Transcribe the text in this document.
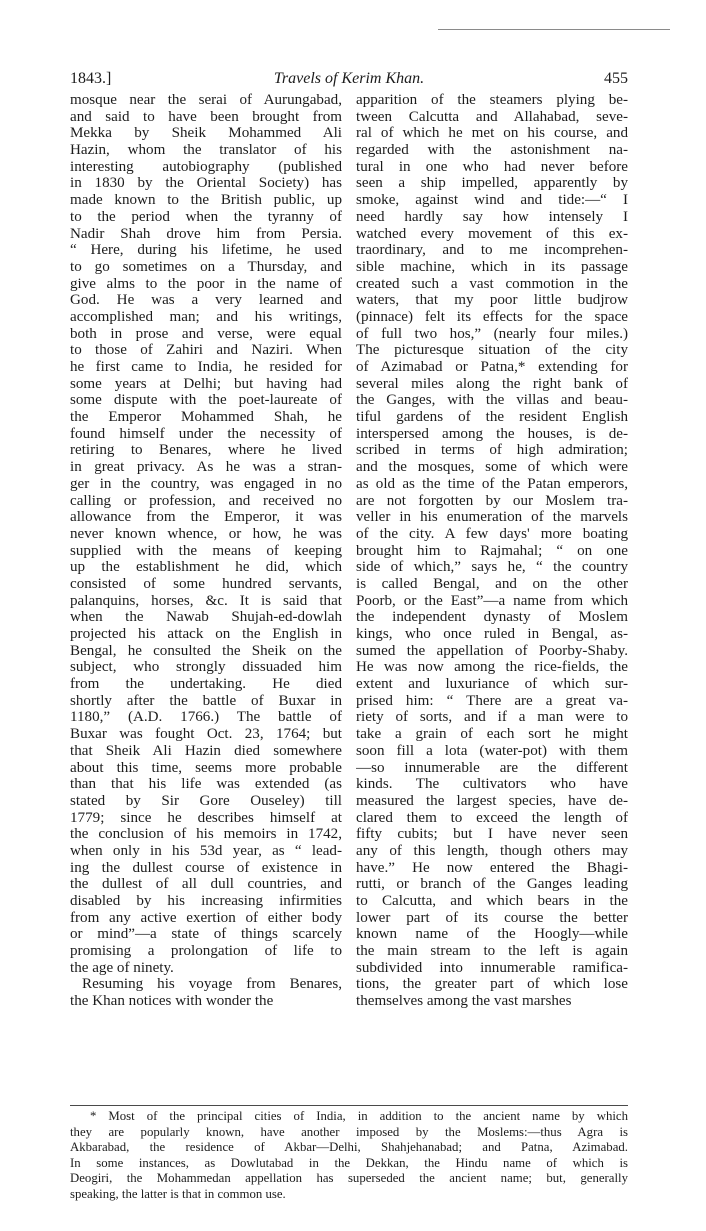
1843.]	Travels of Kerim Khan.	455
mosque near the serai of Aurungabad,
and said to have been brought from
Mekka by Sheik Mohammed Ali
Hazin, whom the translator of his
interesting autobiography (published
in 1830 by the Oriental Society) has
made known to the British public, up
to the period when the tyranny of
Nadir Shah drove him from Persia.
“ Here, during his lifetime, he used
to go sometimes on a Thursday, and
give alms to the poor in the name of
God. He was a very learned and
accomplished man; and his writings,
both in prose and verse, were equal
to those of Zahiri and Naziri. When
he first came to India, he resided for
some years at Delhi; but having had
some dispute with the poet-laureate of
the Emperor Mohammed Shah, he
found himself under the necessity of
retiring to Benares, where he lived
in great privacy. As he was a stran-
ger in the country, was engaged in no
calling or profession, and received no
allowance from the Emperor, it was
never known whence, or how, he was
supplied with the means of keeping
up the establishment he did, which
consisted of some hundred servants,
palanquins, horses, &c. It is said that
when the Nawab Shujah-ed-dowlah
projected his attack on the English in
Bengal, he consulted the Sheik on the
subject, who strongly dissuaded him
from the undertaking. He died
shortly after the battle of Buxar in
1180,” (A.D. 1766.) The battle of
Buxar was fought Oct. 23, 1764; but
that Sheik Ali Hazin died somewhere
about this time, seems more probable
than that his life was extended (as
stated by Sir Gore Ouseley) till
1779; since he describes himself at
the conclusion of his memoirs in 1742,
when only in his 53d year, as “ lead-
ing the dullest course of existence in
the dullest of all dull countries, and
disabled by his increasing infirmities
from any active exertion of either body
or mind”—a state of things scarcely
promising a prolongation of life to
the age of ninety.
Resuming his voyage from Benares,
the Khan notices with wonder the
apparition of the steamers plying be-
tween Calcutta and Allahabad, seve-
ral of which he met on his course, and
regarded with the astonishment na-
tural in one who had never before
seen a ship impelled, apparently by
smoke, against wind and tide:—“ I
need hardly say how intensely I
watched every movement of this ex-
traordinary, and to me incomprehen-
sible machine, which in its passage
created such a vast commotion in the
waters, that my poor little budjrow
(pinnace) felt its effects for the space
of full two hos,” (nearly four miles.)
The picturesque situation of the city
of Azimabad or Patna,* extending for
several miles along the right bank of
the Ganges, with the villas and beau-
tiful gardens of the resident English
interspersed among the houses, is de-
scribed in terms of high admiration;
and the mosques, some of which were
as old as the time of the Patan emperors,
are not forgotten by our Moslem tra-
veller in his enumeration of the marvels
of the city. A few days' more boating
brought him to Rajmahal; “ on one
side of which,” says he, “ the country
is called Bengal, and on the other
Poorb, or the East”—a name from which
the independent dynasty of Moslem
kings, who once ruled in Bengal, as-
sumed the appellation of Poorby-Shaby.
He was now among the rice-fields, the
extent and luxuriance of which sur-
prised him: “ There are a great va-
riety of sorts, and if a man were to
take a grain of each sort he might
soon fill a lota (water-pot) with them
—so innumerable are the different
kinds. The cultivators who have
measured the largest species, have de-
clared them to exceed the length of
fifty cubits; but I have never seen
any of this length, though others may
have.” He now entered the Bhagi-
rutti, or branch of the Ganges leading
to Calcutta, and which bears in the
lower part of its course the better
known name of the Hoogly—while
the main stream to the left is again
subdivided into innumerable ramifica-
tions, the greater part of which lose
themselves among the vast marshes
* Most of the principal cities of India, in addition to the ancient name by which
they are popularly known, have another imposed by the Moslems:—thus Agra is
Akbarabad, the residence of Akbar—Delhi, Shahjehanabad; and Patna, Azimabad.
In some instances, as Dowlutabad in the Dekkan, the Hindu name of which is
Deogiri, the Mohammedan appellation has superseded the ancient name; but, generally
speaking, the latter is that in common use.
